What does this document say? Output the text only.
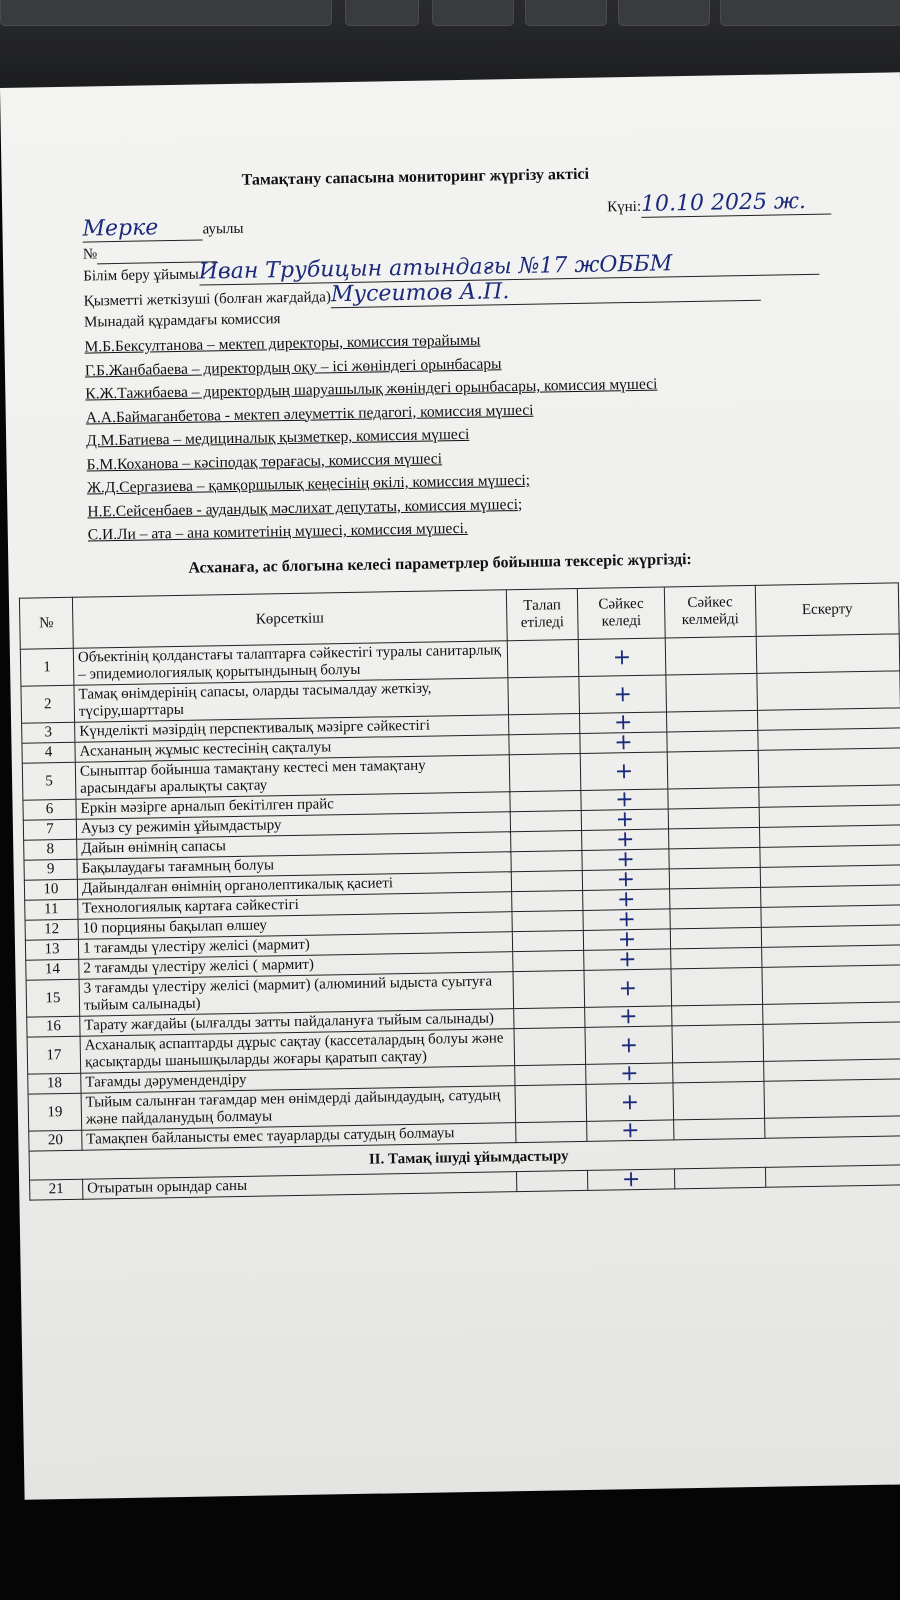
Тамақтану сапасына мониторинг жүргізу актісі
Күні:10.10 2025 ж.
Мерке	ауылы
№
Білім беру ұйымыИван Трубицын атындағы №17 жОББМ
Қызметті жеткізуші (болған жағдайда)Мусеитов А.П.
Мынадай құрамдағы комиссия
М.Б.Бексултанова – мектеп директоры, комиссия төрайымы
Г.Б.Жанбабаева – директордың оқу – ісі жөніндегі орынбасары
К.Ж.Тажибаева – директордың шаруашылық жөніндегі орынбасары, комиссия мүшесі
А.А.Баймаганбетова - мектеп әлеуметтік педагогі, комиссия мүшесі
Д.М.Батиева – медициналық қызметкер, комиссия мүшесі
Б.М.Коханова – кәсіподақ төрағасы, комиссия мүшесі
Ж.Д.Сергазиева – қамқоршылық кеңесінің өкілі, комиссия мүшесі;
Н.Е.Сейсенбаев - аудандық мәслихат депутаты, комиссия мүшесі;
С.И.Ли – ата – ана комитетінің мүшесі, комиссия мүшесі.
Асханаға, ас блогына келесі параметрлер бойынша тексеріс жүргізді:
№	Көрсеткіш	Талап етіледі	Сәйкес келеді	Сәйкес келмейді	Ескерту
1	Объектінің қолданстағы талаптарға сәйкестігі туралы санитарлық – эпидемиологиялық қорытындының болуы		+		
2	Тамақ өнімдерінің сапасы, оларды тасымалдау жеткізу, түсіру,шарттары		+		
3	Күнделікті мәзірдің перспективалық мәзірге сәйкестігі		+		
4	Асхананың жұмыс кестесінің сақталуы		+		
5	Сыныптар бойынша тамақтану кестесі мен тамақтану арасындағы аралықты сақтау		+		
6	Еркін мәзірге арналып бекітілген прайс		+		
7	Ауыз су режимін ұйымдастыру		+		
8	Дайын өнімнің сапасы		+		
9	Бақылаудағы тағамның болуы		+		
10	Дайындалған өнімнің органолептикалық қасиеті		+		
11	Технологиялық картаға сәйкестігі		+		
12	10 порцияны бақылап өлшеу		+		
13	1 тағамды үлестіру желісі (мармит)		+		
14	2 тағамды үлестіру желісі ( мармит)		+		
15	3 тағамды үлестіру желісі (мармит) (алюминий ыдыста суытуға тыйым салынады)		+		
16	Тарату жағдайы (ылғалды затты пайдалануға тыйым салынады)		+		
17	Асханалық аспаптарды дұрыс сақтау (кассеталардың болуы және қасықтарды шанышқыларды жоғары қаратып сақтау)		+		
18	Тағамды дәрумендендіру		+		
19	Тыйым салынған тағамдар мен өнімдерді дайындаудың, сатудың және пайдаланудың болмауы		+		
20	Тамақпен байланысты емес тауарларды сатудың болмауы		+		
II. Тамақ ішуді ұйымдастыру					
21	Отыратын орындар саны		+		
